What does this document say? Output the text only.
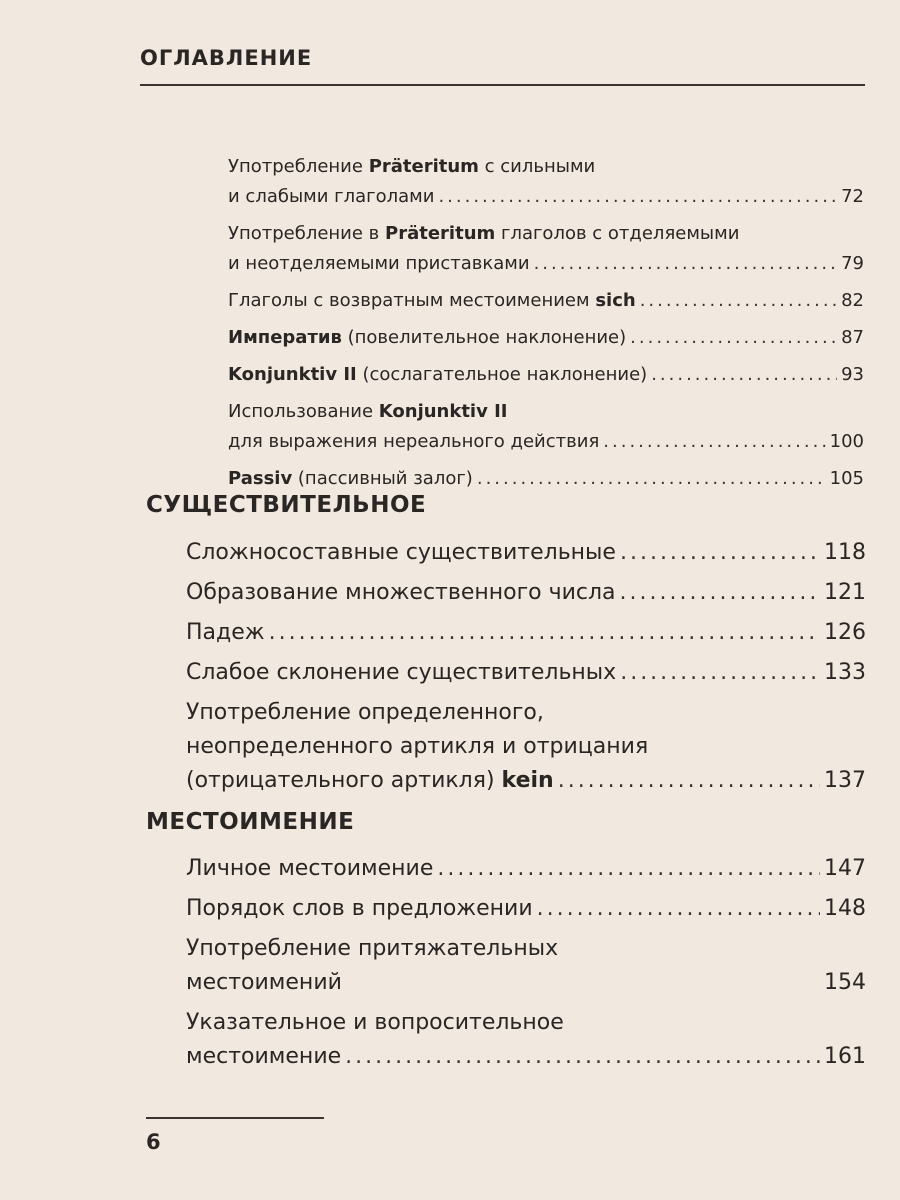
ОГЛАВЛЕНИЕ
Употребление Präteritum с сильными
и слабыми глаголами .....	72
Употребление в Präteritum глаголов с отделяемыми
и неотделяемыми приставками .....	79
Глаголы с возвратным местоимением sich .....	82
Императив (повелительное наклонение) .....	87
Konjunktiv II (сослагательное наклонение) .....	93
Использование Konjunktiv II
для выражения нереального действия .....	100
Passiv (пассивный залог) .....	105
СУЩЕСТВИТЕЛЬНОЕ
Сложносоставные существительные .....	118
Образование множественного числа .....	121
Падеж .....	126
Слабое склонение существительных .....	133
Употребление определенного,
неопределенного артикля и отрицания
(отрицательного артикля) kein .....	137
МЕСТОИМЕНИЕ
Личное местоимение .....	147
Порядок слов в предложении .....	148
Употребление притяжательных
местоимений	154
Указательное и вопросительное
местоимение .....	161
6
